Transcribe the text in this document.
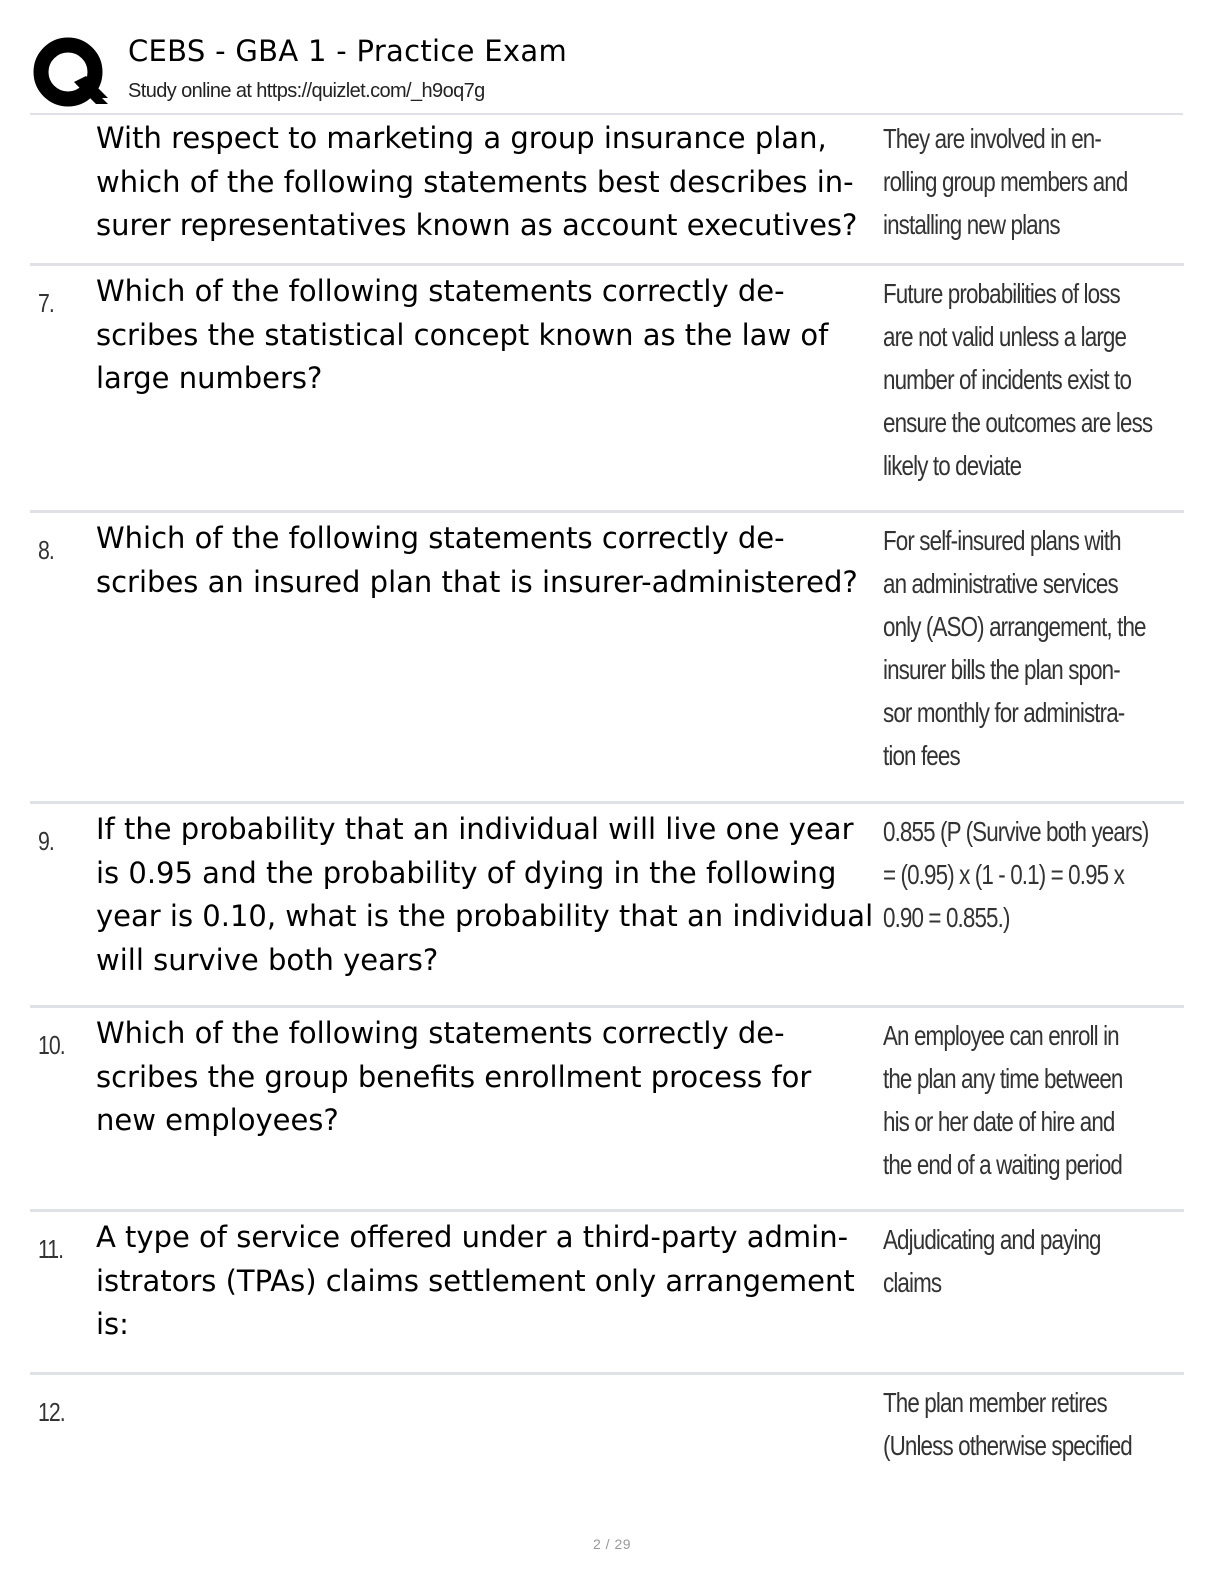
CEBS - GBA 1 - Practice Exam
Study online at https://quizlet.com/_h9oq7g
With respect to marketing a group insurance plan,
which of the following statements best describes in-
surer representatives known as account executives?
They are involved in en-
rolling group members and
installing new plans
7. Which of the following statements correctly de-
scribes the statistical concept known as the law of
large numbers?
Future probabilities of loss
are not valid unless a large
number of incidents exist to
ensure the outcomes are less
likely to deviate
8. Which of the following statements correctly de-
scribes an insured plan that is insurer-administered?
For self-insured plans with
an administrative services
only (ASO) arrangement, the
insurer bills the plan spon-
sor monthly for administra-
tion fees
9. If the probability that an individual will live one year
is 0.95 and the probability of dying in the following
year is 0.10, what is the probability that an individual
will survive both years?
0.855 (P (Survive both years)
= (0.95) x (1 - 0.1) = 0.95 x
0.90 = 0.855.)
10. Which of the following statements correctly de-
scribes the group benefits enrollment process for
new employees?
An employee can enroll in
the plan any time between
his or her date of hire and
the end of a waiting period
11. A type of service offered under a third-party admin-
istrators (TPAs) claims settlement only arrangement
is:
Adjudicating and paying
claims
12.	The plan member retires
(Unless otherwise specified
2 / 29
